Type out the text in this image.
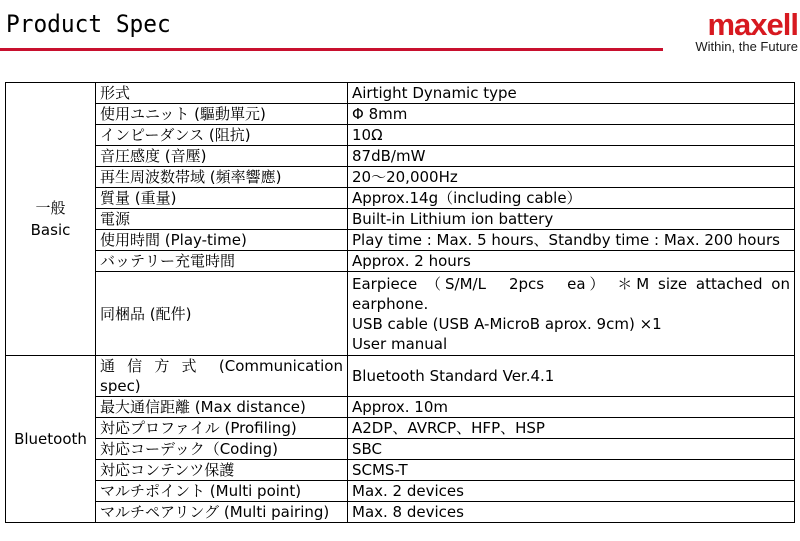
Product Spec	maxell
Within, the Future
一般
Basic	形式	Airtight Dynamic type

	使用ユニット (驅動單元)	Φ 8mm

	インピーダンス (阻抗)	10Ω

	音圧感度 (音壓)	87dB/mW

	再生周波数帯域 (頻率響應)	20～20,000Hz

	質量 (重量)	Approx.14g（including cable）

	電源	Built-in Lithium ion battery

	使用時間 (Play-time)	Play time : Max. 5 hours、Standby time : Max. 200 hours

	バッテリー充電時間	Approx. 2 hours

	同梱品 (配件)	Earpiece （S/M/L　2pcs　ea） ＊M size attached on earphone.
USB cable (USB A-MicroB aprox. 9cm) ×1
User manual

Bluetooth	通 信 方 式　(Communication spec)	Bluetooth Standard Ver.4.1

	最大通信距離 (Max distance)	Approx. 10m

	対応プロファイル (Profiling)	A2DP、AVRCP、HFP、HSP

	対応コーデック（Coding)	SBC

	対応コンテンツ保護	SCMS-T

	マルチポイント (Multi point)	Max. 2 devices

	マルチペアリング (Multi pairing)	Max. 8 devices
